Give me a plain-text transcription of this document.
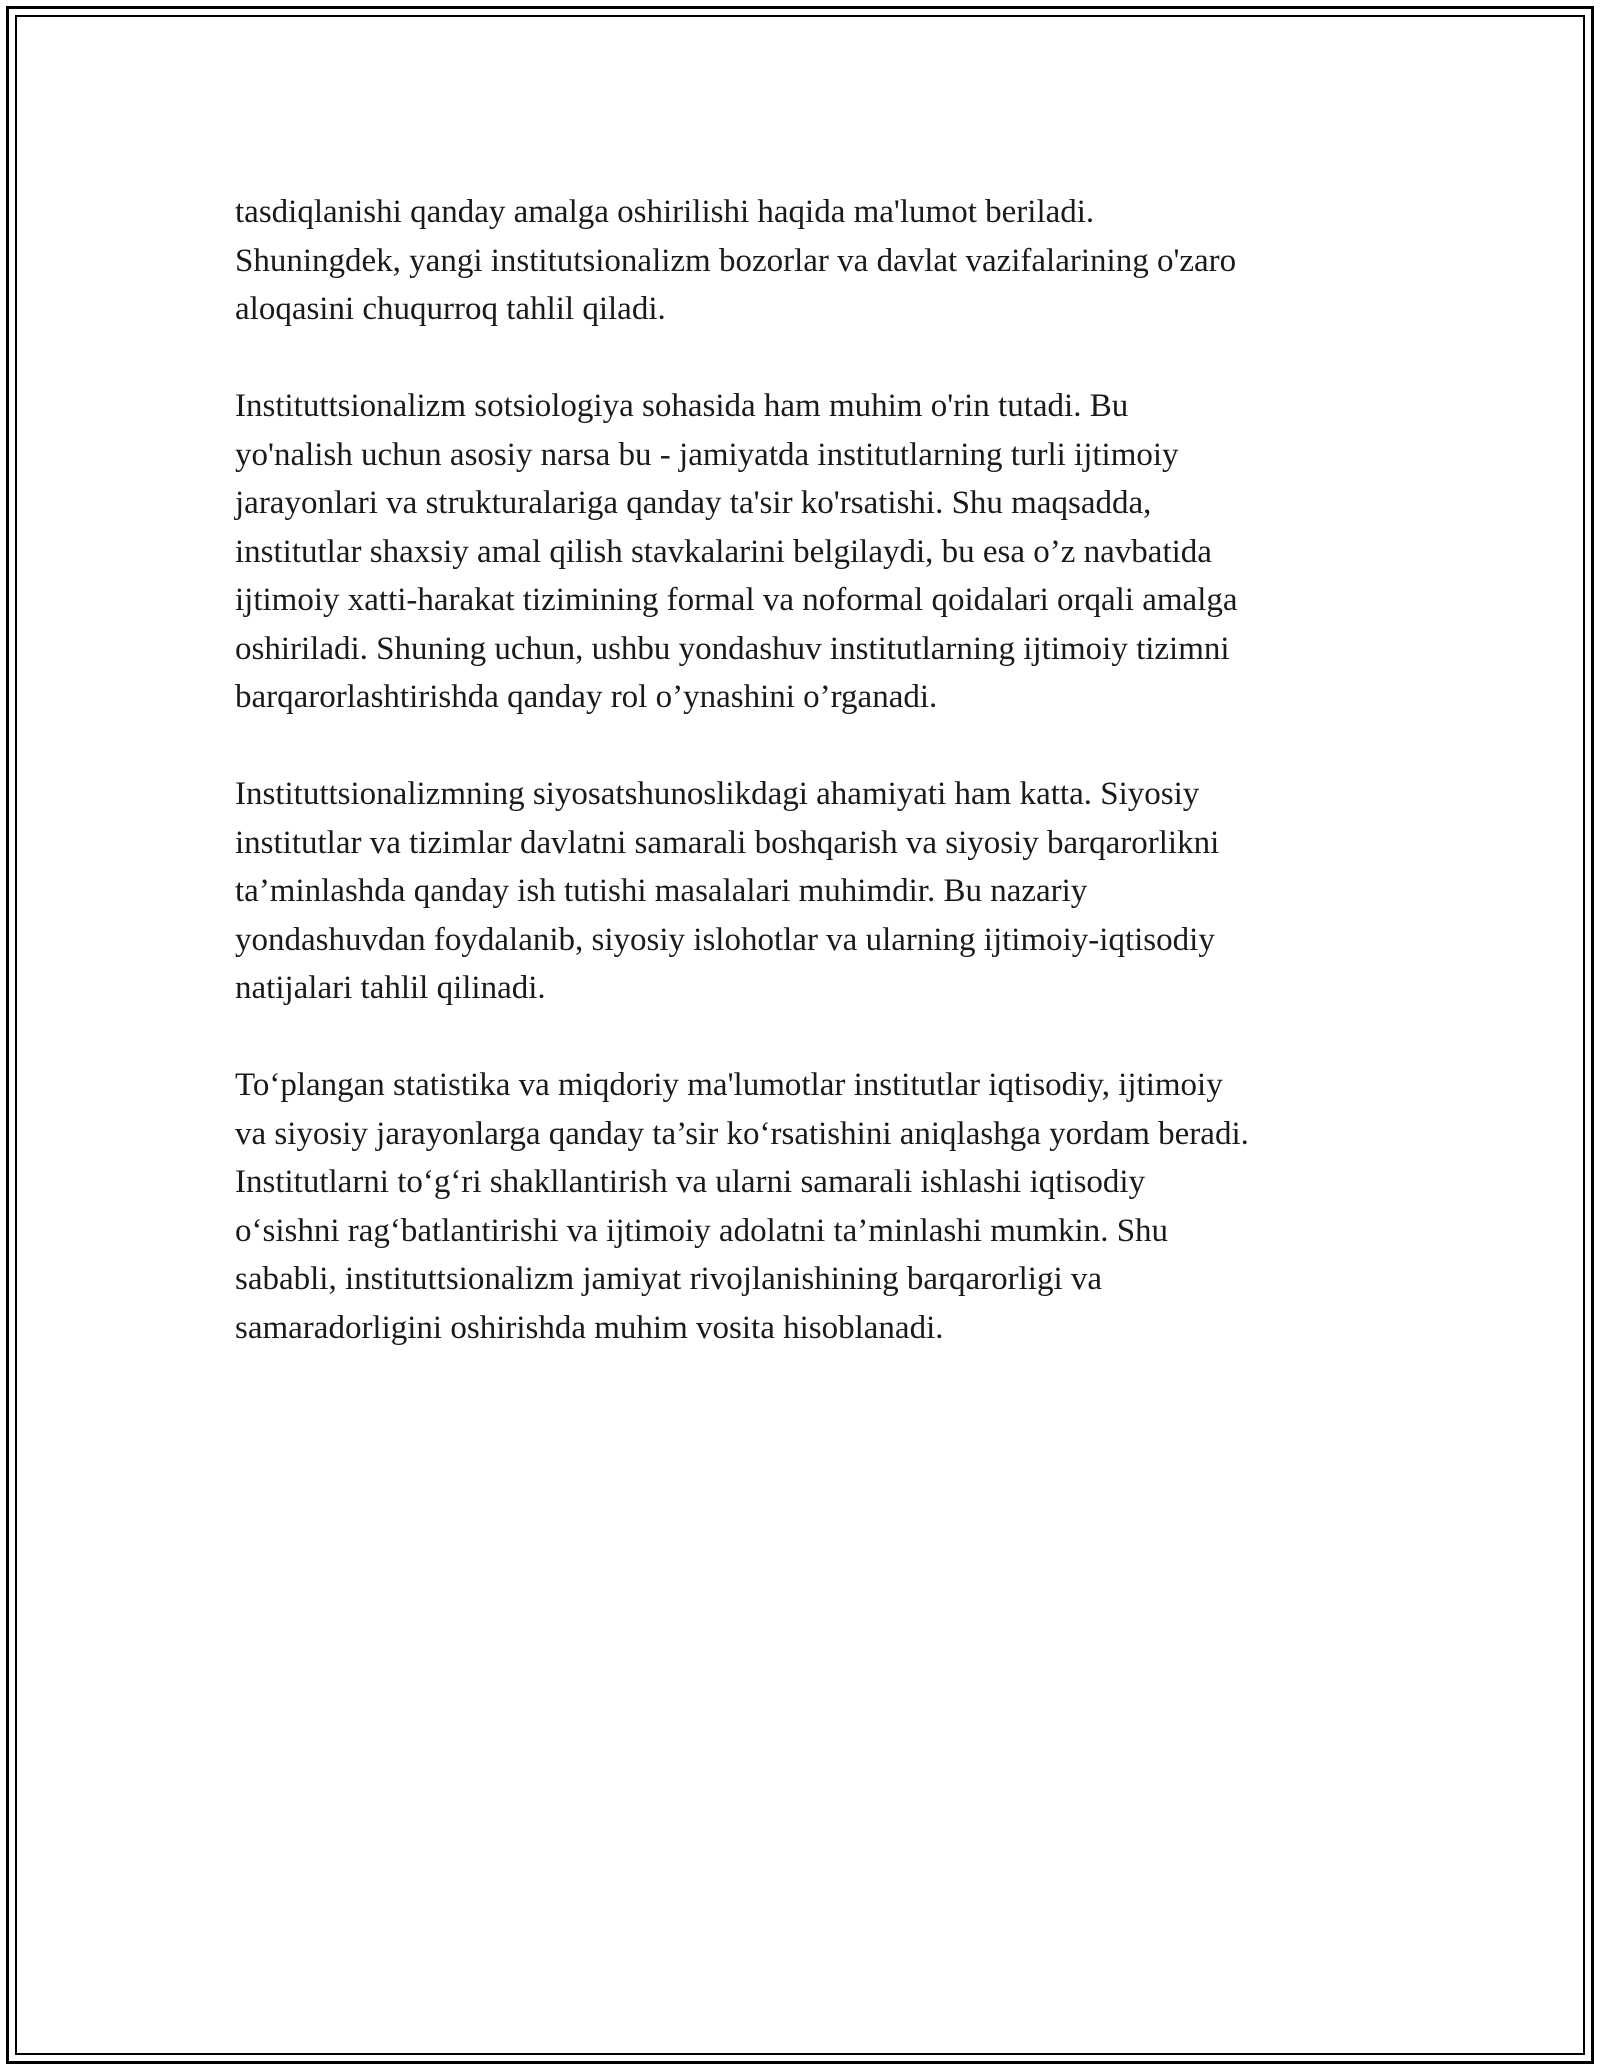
tasdiqlanishi qanday amalga oshirilishi haqida ma'lumot beriladi.
Shuningdek, yangi institutsionalizm bozorlar va davlat vazifalarining o'zaro
aloqasini chuqurroq tahlil qiladi.

Instituttsionalizm sotsiologiya sohasida ham muhim o'rin tutadi. Bu
yo'nalish uchun asosiy narsa bu - jamiyatda institutlarning turli ijtimoiy
jarayonlari va strukturalariga qanday ta'sir ko'rsatishi. Shu maqsadda,
institutlar shaxsiy amal qilish stavkalarini belgilaydi, bu esa o’z navbatida
ijtimoiy xatti-harakat tizimining formal va noformal qoidalari orqali amalga
oshiriladi. Shuning uchun, ushbu yondashuv institutlarning ijtimoiy tizimni
barqarorlashtirishda qanday rol o’ynashini o’rganadi.

Instituttsionalizmning siyosatshunoslikdagi ahamiyati ham katta. Siyosiy
institutlar va tizimlar davlatni samarali boshqarish va siyosiy barqarorlikni
ta’minlashda qanday ish tutishi masalalari muhimdir. Bu nazariy
yondashuvdan foydalanib, siyosiy islohotlar va ularning ijtimoiy-iqtisodiy
natijalari tahlil qilinadi.

To‘plangan statistika va miqdoriy ma'lumotlar institutlar iqtisodiy, ijtimoiy
va siyosiy jarayonlarga qanday ta’sir ko‘rsatishini aniqlashga yordam beradi.
Institutlarni to‘g‘ri shakllantirish va ularni samarali ishlashi iqtisodiy
o‘sishni rag‘batlantirishi va ijtimoiy adolatni ta’minlashi mumkin. Shu
sababli, instituttsionalizm jamiyat rivojlanishining barqarorligi va
samaradorligini oshirishda muhim vosita hisoblanadi.
